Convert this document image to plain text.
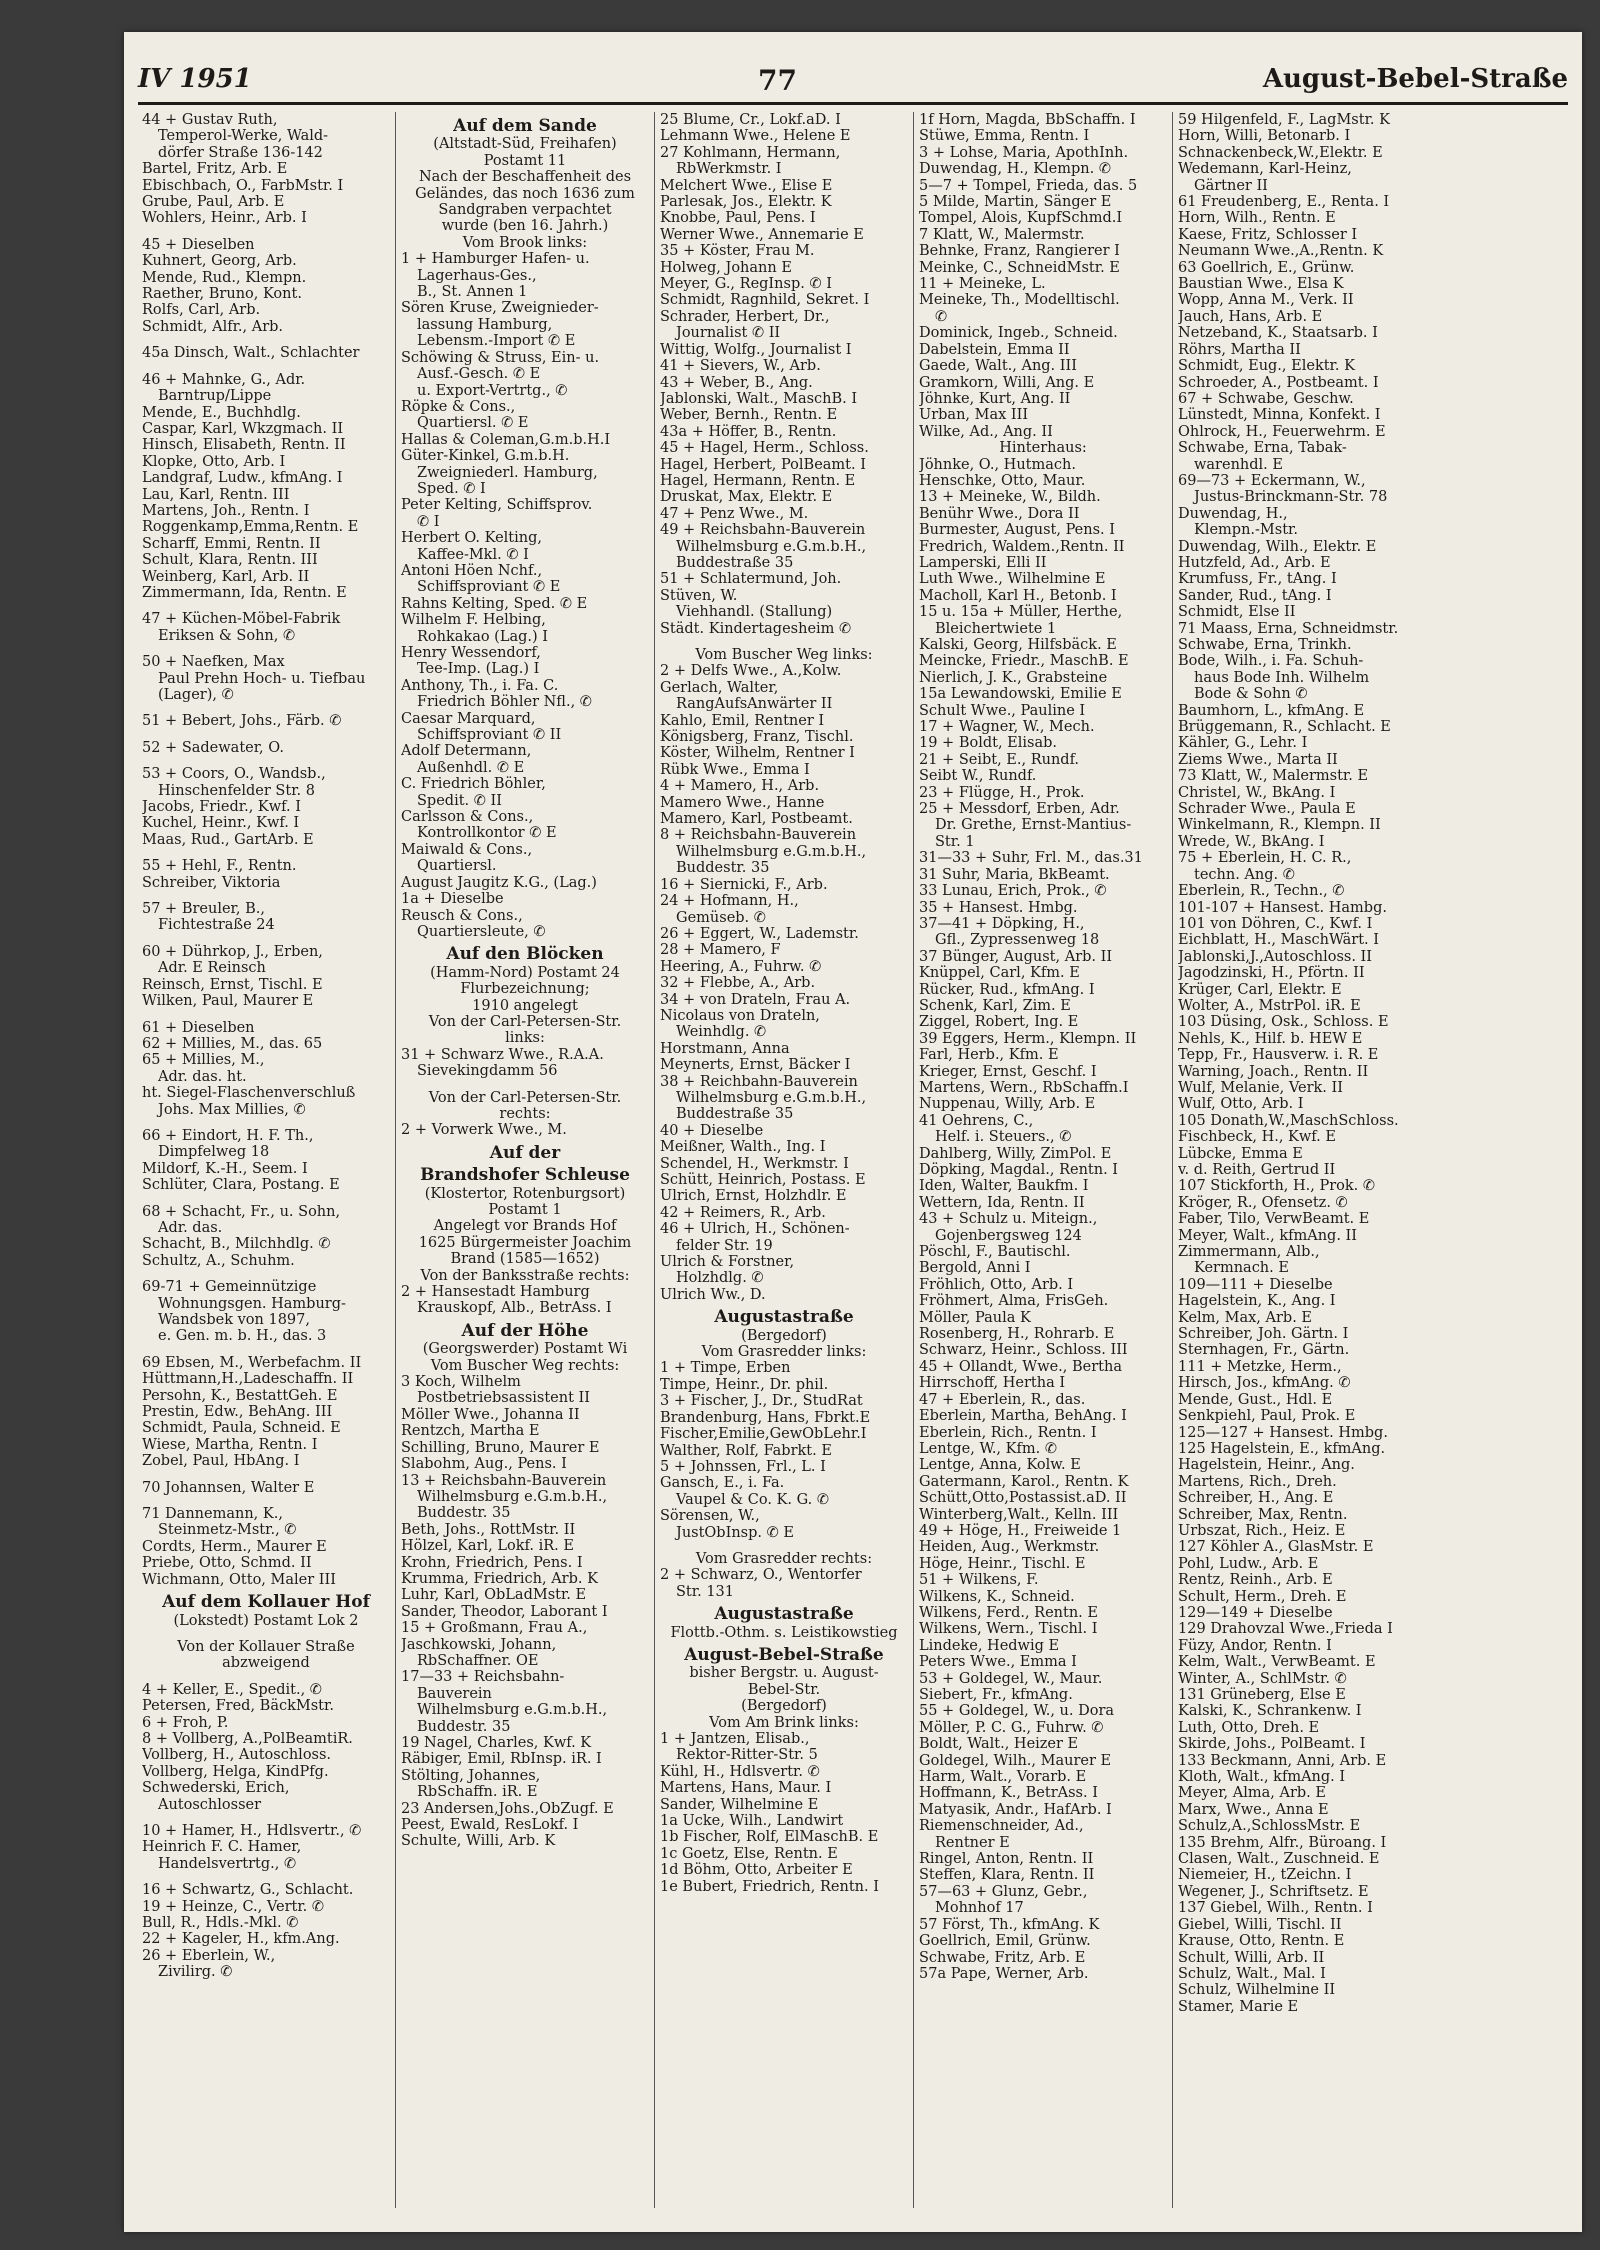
IV 1951	77	August-Bebel-Straße
44 + Gustav Ruth,
Temperol-Werke, Wald-
dörfer Straße 136-142
Bartel, Fritz, Arb. E
Ebischbach, O., FarbMstr. I
Grube, Paul, Arb. E
Wohlers, Heinr., Arb. I
45 + Dieselben
Kuhnert, Georg, Arb.
Mende, Rud., Klempn.
Raether, Bruno, Kont.
Rolfs, Carl, Arb.
Schmidt, Alfr., Arb.
45a Dinsch, Walt., Schlachter
46 + Mahnke, G., Adr.
Barntrup/Lippe
Mende, E., Buchhdlg.
Caspar, Karl, Wkzgmach. II
Hinsch, Elisabeth, Rentn. II
Klopke, Otto, Arb. I
Landgraf, Ludw., kfmAng. I
Lau, Karl, Rentn. III
Martens, Joh., Rentn. I
Roggenkamp,Emma,Rentn. E
Scharff, Emmi, Rentn. II
Schult, Klara, Rentn. III
Weinberg, Karl, Arb. II
Zimmermann, Ida, Rentn. E
47 + Küchen-Möbel-Fabrik
Eriksen & Sohn, ✆
50 + Naefken, Max
Paul Prehn Hoch- u. Tiefbau
(Lager), ✆
51 + Bebert, Johs., Färb. ✆
52 + Sadewater, O.
53 + Coors, O., Wandsb.,
Hinschenfelder Str. 8
Jacobs, Friedr., Kwf. I
Kuchel, Heinr., Kwf. I
Maas, Rud., GartArb. E
55 + Hehl, F., Rentn.
Schreiber, Viktoria
57 + Breuler, B.,
Fichtestraße 24
60 + Dührkop, J., Erben,
Adr. E Reinsch
Reinsch, Ernst, Tischl. E
Wilken, Paul, Maurer E
61 + Dieselben
62 + Millies, M., das. 65
65 + Millies, M.,
Adr. das. ht.
ht. Siegel-Flaschenverschluß
Johs. Max Millies, ✆
66 + Eindort, H. F. Th.,
Dimpfelweg 18
Mildorf, K.-H., Seem. I
Schlüter, Clara, Postang. E
68 + Schacht, Fr., u. Sohn,
Adr. das.
Schacht, B., Milchhdlg. ✆
Schultz, A., Schuhm.
69-71 + Gemeinnützige
Wohnungsgen. Hamburg-
Wandsbek von 1897,
e. Gen. m. b. H., das. 3
69 Ebsen, M., Werbefachm. II
Hüttmann,H.,Ladeschaffn. II
Persohn, K., BestattGeh. E
Prestin, Edw., BehAng. III
Schmidt, Paula, Schneid. E
Wiese, Martha, Rentn. I
Zobel, Paul, HbAng. I
70 Johannsen, Walter E
71 Dannemann, K.,
Steinmetz-Mstr., ✆
Cordts, Herm., Maurer E
Priebe, Otto, Schmd. II
Wichmann, Otto, Maler III
Auf dem Kollauer Hof
(Lokstedt) Postamt Lok 2
Von der Kollauer Straße
abzweigend
4 + Keller, E., Spedit., ✆
Petersen, Fred, BäckMstr.
6 + Froh, P.
8 + Vollberg, A.,PolBeamtiR.
Vollberg, H., Autoschloss.
Vollberg, Helga, KindPfg.
Schwederski, Erich,
Autoschlosser
10 + Hamer, H., Hdlsvertr., ✆
Heinrich F. C. Hamer,
Handelsvertrtg., ✆
16 + Schwartz, G., Schlacht.
19 + Heinze, C., Vertr. ✆
Bull, R., Hdls.-Mkl. ✆
22 + Kageler, H., kfm.Ang.
26 + Eberlein, W.,
Zivilirg. ✆
Auf dem Sande
(Altstadt-Süd, Freihafen)
Postamt 11
Nach der Beschaffenheit des
Geländes, das noch 1636 zum
Sandgraben verpachtet
wurde (ben 16. Jahrh.)
Vom Brook links:
1 + Hamburger Hafen- u.
Lagerhaus-Ges.,
B., St. Annen 1
Sören Kruse, Zweignieder-
lassung Hamburg,
Lebensm.-Import ✆ E
Schöwing & Struss, Ein- u.
Ausf.-Gesch. ✆ E
u. Export-Vertrtg., ✆
Röpke & Cons.,
Quartiersl. ✆ E
Hallas & Coleman,G.m.b.H.I
Güter-Kinkel, G.m.b.H.
Zweigniederl. Hamburg,
Sped. ✆ I
Peter Kelting, Schiffsprov.
✆ I
Herbert O. Kelting,
Kaffee-Mkl. ✆ I
Antoni Höen Nchf.,
Schiffsproviant ✆ E
Rahns Kelting, Sped. ✆ E
Wilhelm F. Helbing,
Rohkakao (Lag.) I
Henry Wessendorf,
Tee-Imp. (Lag.) I
Anthony, Th., i. Fa. C.
Friedrich Böhler Nfl., ✆
Caesar Marquard,
Schiffsproviant ✆ II
Adolf Determann,
Außenhdl. ✆ E
C. Friedrich Böhler,
Spedit. ✆ II
Carlsson & Cons.,
Kontrollkontor ✆ E
Maiwald & Cons.,
Quartiersl.
August Jaugitz K.G., (Lag.)
1a + Dieselbe
Reusch & Cons.,
Quartiersleute, ✆
Auf den Blöcken
(Hamm-Nord) Postamt 24
Flurbezeichnung;
1910 angelegt
Von der Carl-Petersen-Str.
links:
31 + Schwarz Wwe., R.A.A.
Sievekingdamm 56
Von der Carl-Petersen-Str.
rechts:
2 + Vorwerk Wwe., M.
Auf der
Brandshofer Schleuse
(Klostertor, Rotenburgsort)
Postamt 1
Angelegt vor Brands Hof
1625 Bürgermeister Joachim
Brand (1585—1652)
Von der Banksstraße rechts:
2 + Hansestadt Hamburg
Krauskopf, Alb., BetrAss. I
Auf der Höhe
(Georgswerder) Postamt Wi
Vom Buscher Weg rechts:
3 Koch, Wilhelm
Postbetriebsassistent II
Möller Wwe., Johanna II
Rentzch, Martha E
Schilling, Bruno, Maurer E
Slabohm, Aug., Pens. I
13 + Reichsbahn-Bauverein
Wilhelmsburg e.G.m.b.H.,
Buddestr. 35
Beth, Johs., RottMstr. II
Hölzel, Karl, Lokf. iR. E
Krohn, Friedrich, Pens. I
Krumma, Friedrich, Arb. K
Luhr, Karl, ObLadMstr. E
Sander, Theodor, Laborant I
15 + Großmann, Frau A.,
Jaschkowski, Johann,
RbSchaffner. OE
17—33 + Reichsbahn-
Bauverein
Wilhelmsburg e.G.m.b.H.,
Buddestr. 35
19 Nagel, Charles, Kwf. K
Räbiger, Emil, RbInsp. iR. I
Stölting, Johannes,
RbSchaffn. iR. E
23 Andersen,Johs.,ObZugf. E
Peest, Ewald, ResLokf. I
Schulte, Willi, Arb. K
25 Blume, Cr., Lokf.aD. I
Lehmann Wwe., Helene E
27 Kohlmann, Hermann,
RbWerkmstr. I
Melchert Wwe., Elise E
Parlesak, Jos., Elektr. K
Knobbe, Paul, Pens. I
Werner Wwe., Annemarie E
35 + Köster, Frau M.
Holweg, Johann E
Meyer, G., RegInsp. ✆ I
Schmidt, Ragnhild, Sekret. I
Schrader, Herbert, Dr.,
Journalist ✆ II
Wittig, Wolfg., Journalist I
41 + Sievers, W., Arb.
43 + Weber, B., Ang.
Jablonski, Walt., MaschB. I
Weber, Bernh., Rentn. E
43a + Höffer, B., Rentn.
45 + Hagel, Herm., Schloss.
Hagel, Herbert, PolBeamt. I
Hagel, Hermann, Rentn. E
Druskat, Max, Elektr. E
47 + Penz Wwe., M.
49 + Reichsbahn-Bauverein
Wilhelmsburg e.G.m.b.H.,
Buddestraße 35
51 + Schlatermund, Joh.
Stüven, W.
Viehhandl. (Stallung)
Städt. Kindertagesheim ✆
Vom Buscher Weg links:
2 + Delfs Wwe., A.,Kolw.
Gerlach, Walter,
RangAufsAnwärter II
Kahlo, Emil, Rentner I
Königsberg, Franz, Tischl.
Köster, Wilhelm, Rentner I
Rübk Wwe., Emma I
4 + Mamero, H., Arb.
Mamero Wwe., Hanne
Mamero, Karl, Postbeamt.
8 + Reichsbahn-Bauverein
Wilhelmsburg e.G.m.b.H.,
Buddestr. 35
16 + Siernicki, F., Arb.
24 + Hofmann, H.,
Gemüseb. ✆
26 + Eggert, W., Lademstr.
28 + Mamero, F
Heering, A., Fuhrw. ✆
32 + Flebbe, A., Arb.
34 + von Drateln, Frau A.
Nicolaus von Drateln,
Weinhdlg. ✆
Horstmann, Anna
Meynerts, Ernst, Bäcker I
38 + Reichbahn-Bauverein
Wilhelmsburg e.G.m.b.H.,
Buddestraße 35
40 + Dieselbe
Meißner, Walth., Ing. I
Schendel, H., Werkmstr. I
Schütt, Heinrich, Postass. E
Ulrich, Ernst, Holzhdlr. E
42 + Reimers, R., Arb.
46 + Ulrich, H., Schönen-
felder Str. 19
Ulrich & Forstner,
Holzhdlg. ✆
Ulrich Ww., D.
Augustastraße
(Bergedorf)
Vom Grasredder links:
1 + Timpe, Erben
Timpe, Heinr., Dr. phil.
3 + Fischer, J., Dr., StudRat
Brandenburg, Hans, Fbrkt.E
Fischer,Emilie,GewObLehr.I
Walther, Rolf, Fabrkt. E
5 + Johnssen, Frl., L. I
Gansch, E., i. Fa.
Vaupel & Co. K. G. ✆
Sörensen, W.,
JustObInsp. ✆ E
Vom Grasredder rechts:
2 + Schwarz, O., Wentorfer
Str. 131
Augustastraße
Flottb.-Othm. s. Leistikowstieg
August-Bebel-Straße
bisher Bergstr. u. August-
Bebel-Str.
(Bergedorf)
Vom Am Brink links:
1 + Jantzen, Elisab.,
Rektor-Ritter-Str. 5
Kühl, H., Hdlsvertr. ✆
Martens, Hans, Maur. I
Sander, Wilhelmine E
1a Ucke, Wilh., Landwirt
1b Fischer, Rolf, ElMaschB. E
1c Goetz, Else, Rentn. E
1d Böhm, Otto, Arbeiter E
1e Bubert, Friedrich, Rentn. I
1f Horn, Magda, BbSchaffn. I
Stüwe, Emma, Rentn. I
3 + Lohse, Maria, ApothInh.
Duwendag, H., Klempn. ✆
5—7 + Tompel, Frieda, das. 5
5 Milde, Martin, Sänger E
Tompel, Alois, KupfSchmd.I
7 Klatt, W., Malermstr.
Behnke, Franz, Rangierer I
Meinke, C., SchneidMstr. E
11 + Meineke, L.
Meineke, Th., Modelltischl.
✆
Dominick, Ingeb., Schneid.
Dabelstein, Emma II
Gaede, Walt., Ang. III
Gramkorn, Willi, Ang. E
Jöhnke, Kurt, Ang. II
Urban, Max III
Wilke, Ad., Ang. II
Hinterhaus:
Jöhnke, O., Hutmach.
Henschke, Otto, Maur.
13 + Meineke, W., Bildh.
Benühr Wwe., Dora II
Burmester, August, Pens. I
Fredrich, Waldem.,Rentn. II
Lamperski, Elli II
Luth Wwe., Wilhelmine E
Macholl, Karl H., Betonb. I
15 u. 15a + Müller, Herthe,
Bleichertwiete 1
Kalski, Georg, Hilfsbäck. E
Meincke, Friedr., MaschB. E
Nierlich, J. K., Grabsteine
15a Lewandowski, Emilie E
Schult Wwe., Pauline I
17 + Wagner, W., Mech.
19 + Boldt, Elisab.
21 + Seibt, E., Rundf.
Seibt W., Rundf.
23 + Flügge, H., Prok.
25 + Messdorf, Erben, Adr.
Dr. Grethe, Ernst-Mantius-
Str. 1
31—33 + Suhr, Frl. M., das.31
31 Suhr, Maria, BkBeamt.
33 Lunau, Erich, Prok., ✆
35 + Hansest. Hmbg.
37—41 + Döpking, H.,
Gfl., Zypressenweg 18
37 Bünger, August, Arb. II
Knüppel, Carl, Kfm. E
Rücker, Rud., kfmAng. I
Schenk, Karl, Zim. E
Ziggel, Robert, Ing. E
39 Eggers, Herm., Klempn. II
Farl, Herb., Kfm. E
Krieger, Ernst, Geschf. I
Martens, Wern., RbSchaffn.I
Nuppenau, Willy, Arb. E
41 Oehrens, C.,
Helf. i. Steuers., ✆
Dahlberg, Willy, ZimPol. E
Döpking, Magdal., Rentn. I
Iden, Walter, Baukfm. I
Wettern, Ida, Rentn. II
43 + Schulz u. Miteign.,
Gojenbergsweg 124
Pöschl, F., Bautischl.
Bergold, Anni I
Fröhlich, Otto, Arb. I
Fröhmert, Alma, FrisGeh.
Möller, Paula K
Rosenberg, H., Rohrarb. E
Schwarz, Heinr., Schloss. III
45 + Ollandt, Wwe., Bertha
Hirrschoff, Hertha I
47 + Eberlein, R., das.
Eberlein, Martha, BehAng. I
Eberlein, Rich., Rentn. I
Lentge, W., Kfm. ✆
Lentge, Anna, Kolw. E
Gatermann, Karol., Rentn. K
Schütt,Otto,Postassist.aD. II
Winterberg,Walt., Kelln. III
49 + Höge, H., Freiweide 1
Heiden, Aug., Werkmstr.
Höge, Heinr., Tischl. E
51 + Wilkens, F.
Wilkens, K., Schneid.
Wilkens, Ferd., Rentn. E
Wilkens, Wern., Tischl. I
Lindeke, Hedwig E
Peters Wwe., Emma I
53 + Goldegel, W., Maur.
Siebert, Fr., kfmAng.
55 + Goldegel, W., u. Dora
Möller, P. C. G., Fuhrw. ✆
Boldt, Walt., Heizer E
Goldegel, Wilh., Maurer E
Harm, Walt., Vorarb. E
Hoffmann, K., BetrAss. I
Matyasik, Andr., HafArb. I
Riemenschneider, Ad.,
Rentner E
Ringel, Anton, Rentn. II
Steffen, Klara, Rentn. II
57—63 + Glunz, Gebr.,
Mohnhof 17
57 Först, Th., kfmAng. K
Goellrich, Emil, Grünw.
Schwabe, Fritz, Arb. E
57a Pape, Werner, Arb.
59 Hilgenfeld, F., LagMstr. K
Horn, Willi, Betonarb. I
Schnackenbeck,W.,Elektr. E
Wedemann, Karl-Heinz,
Gärtner II
61 Freudenberg, E., Renta. I
Horn, Wilh., Rentn. E
Kaese, Fritz, Schlosser I
Neumann Wwe.,A.,Rentn. K
63 Goellrich, E., Grünw.
Baustian Wwe., Elsa K
Wopp, Anna M., Verk. II
Jauch, Hans, Arb. E
Netzeband, K., Staatsarb. I
Röhrs, Martha II
Schmidt, Eug., Elektr. K
Schroeder, A., Postbeamt. I
67 + Schwabe, Geschw.
Lünstedt, Minna, Konfekt. I
Ohlrock, H., Feuerwehrm. E
Schwabe, Erna, Tabak-
warenhdl. E
69—73 + Eckermann, W.,
Justus-Brinckmann-Str. 78
Duwendag, H.,
Klempn.-Mstr.
Duwendag, Wilh., Elektr. E
Hutzfeld, Ad., Arb. E
Krumfuss, Fr., tAng. I
Sander, Rud., tAng. I
Schmidt, Else II
71 Maass, Erna, Schneidmstr.
Schwabe, Erna, Trinkh.
Bode, Wilh., i. Fa. Schuh-
haus Bode Inh. Wilhelm
Bode & Sohn ✆
Baumhorn, L., kfmAng. E
Brüggemann, R., Schlacht. E
Kähler, G., Lehr. I
Ziems Wwe., Marta II
73 Klatt, W., Malermstr. E
Christel, W., BkAng. I
Schrader Wwe., Paula E
Winkelmann, R., Klempn. II
Wrede, W., BkAng. I
75 + Eberlein, H. C. R.,
techn. Ang. ✆
Eberlein, R., Techn., ✆
101-107 + Hansest. Hambg.
101 von Döhren, C., Kwf. I
Eichblatt, H., MaschWärt. I
Jablonski,J.,Autoschloss. II
Jagodzinski, H., Pförtn. II
Krüger, Carl, Elektr. E
Wolter, A., MstrPol. iR. E
103 Düsing, Osk., Schloss. E
Nehls, K., Hilf. b. HEW E
Tepp, Fr., Hausverw. i. R. E
Warning, Joach., Rentn. II
Wulf, Melanie, Verk. II
Wulf, Otto, Arb. I
105 Donath,W.,MaschSchloss.
Fischbeck, H., Kwf. E
Lübcke, Emma E
v. d. Reith, Gertrud II
107 Stickforth, H., Prok. ✆
Kröger, R., Ofensetz. ✆
Faber, Tilo, VerwBeamt. E
Meyer, Walt., kfmAng. II
Zimmermann, Alb.,
Kermnach. E
109—111 + Dieselbe
Hagelstein, K., Ang. I
Kelm, Max, Arb. E
Schreiber, Joh. Gärtn. I
Sternhagen, Fr., Gärtn.
111 + Metzke, Herm.,
Hirsch, Jos., kfmAng. ✆
Mende, Gust., Hdl. E
Senkpiehl, Paul, Prok. E
125—127 + Hansest. Hmbg.
125 Hagelstein, E., kfmAng.
Hagelstein, Heinr., Ang.
Martens, Rich., Dreh.
Schreiber, H., Ang. E
Schreiber, Max, Rentn.
Urbszat, Rich., Heiz. E
127 Köhler A., GlasMstr. E
Pohl, Ludw., Arb. E
Rentz, Reinh., Arb. E
Schult, Herm., Dreh. E
129—149 + Dieselbe
129 Drahovzal Wwe.,Frieda I
Füzy, Andor, Rentn. I
Kelm, Walt., VerwBeamt. E
Winter, A., SchlMstr. ✆
131 Grüneberg, Else E
Kalski, K., Schrankenw. I
Luth, Otto, Dreh. E
Skirde, Johs., PolBeamt. I
133 Beckmann, Anni, Arb. E
Kloth, Walt., kfmAng. I
Meyer, Alma, Arb. E
Marx, Wwe., Anna E
Schulz,A.,SchlossMstr. E
135 Brehm, Alfr., Büroang. I
Clasen, Walt., Zuschneid. E
Niemeier, H., tZeichn. I
Wegener, J., Schriftsetz. E
137 Giebel, Wilh., Rentn. I
Giebel, Willi, Tischl. II
Krause, Otto, Rentn. E
Schult, Willi, Arb. II
Schulz, Walt., Mal. I
Schulz, Wilhelmine II
Stamer, Marie E
